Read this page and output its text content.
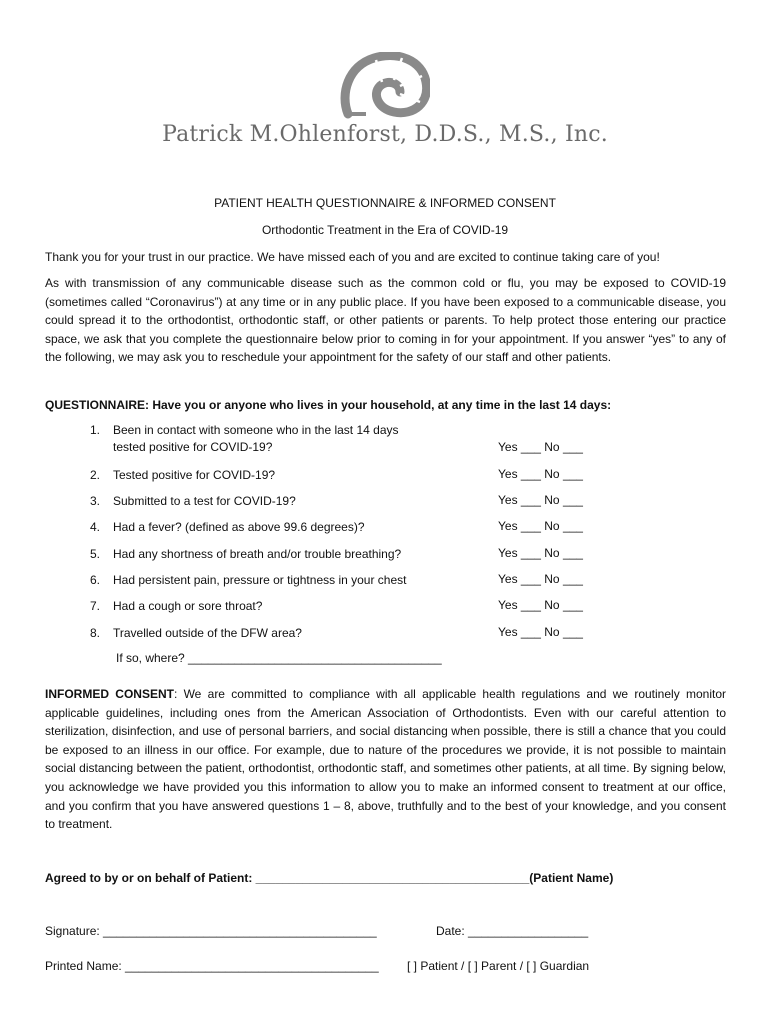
Patrick M.Ohlenforst, D.D.S., M.S., Inc.
PATIENT HEALTH QUESTIONNAIRE & INFORMED CONSENT
Orthodontic Treatment in the Era of COVID-19

Thank you for your trust in our practice. We have missed each of you and are excited to continue taking care of you!

As with transmission of any communicable disease such as the common cold or flu, you may be exposed to COVID-19 (sometimes called “Coronavirus”) at any time or in any public place. If you have been exposed to a communicable disease, you could spread it to the orthodontist, orthodontic staff, or other patients or parents. To help protect those entering our practice space, we ask that you complete the questionnaire below prior to coming in for your appointment. If you answer “yes” to any of the following, we may ask you to reschedule your appointment for the safety of our staff and other patients.

QUESTIONNAIRE: Have you or anyone who lives in your household, at any time in the last 14 days:

1. Been in contact with someone who in the last 14 days tested positive for COVID-19?	Yes ___ No ___
2. Tested positive for COVID-19?	Yes ___ No ___
3. Submitted to a test for COVID-19?	Yes ___ No ___
4. Had a fever? (defined as above 99.6 degrees)?	Yes ___ No ___
5. Had any shortness of breath and/or trouble breathing?	Yes ___ No ___
6. Had persistent pain, pressure or tightness in your chest	Yes ___ No ___
7. Had a cough or sore throat?	Yes ___ No ___
8. Travelled outside of the DFW area?	Yes ___ No ___
If so, where? ______________________________________

INFORMED CONSENT: We are committed to compliance with all applicable health regulations and we routinely monitor applicable guidelines, including ones from the American Association of Orthodontists. Even with our careful attention to sterilization, disinfection, and use of personal barriers, and social distancing when possible, there is still a chance that you could be exposed to an illness in our office. For example, due to nature of the procedures we provide, it is not possible to maintain social distancing between the patient, orthodontist, orthodontic staff, and sometimes other patients, at all time. By signing below, you acknowledge we have provided you this information to allow you to make an informed consent to treatment at our office, and you confirm that you have answered questions 1 – 8, above, truthfully and to the best of your knowledge, and you consent to treatment.

Agreed to by or on behalf of Patient: _________________________________________(Patient Name)
Signature: _________________________________________	Date: __________________
Printed Name: ______________________________________ [ ] Patient / [ ] Parent / [ ] Guardian
